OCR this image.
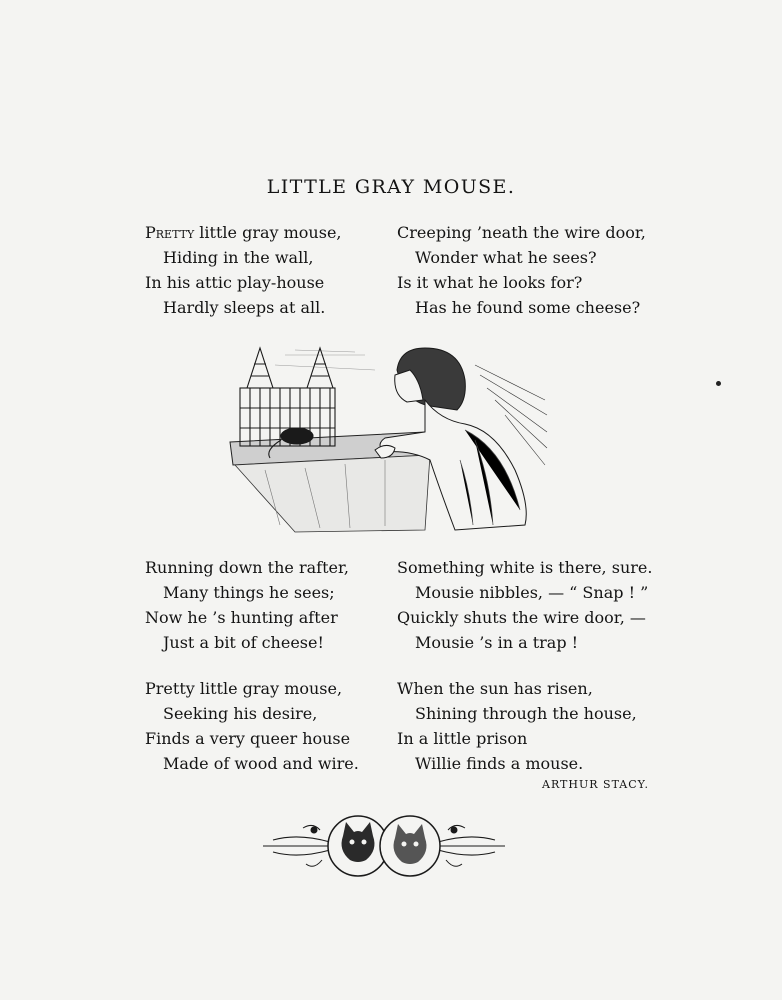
LITTLE GRAY MOUSE.
Pretty little gray mouse,
Hiding in the wall,
In his attic play-house
Hardly sleeps at all.
Creeping ’neath the wire door,
Wonder what he sees?
Is it what he looks for?
Has he found some cheese?
Running down the rafter,
Many things he sees;
Now he ’s hunting after
Just a bit of cheese!
Something white is there, sure.
Mousie nibbles, — “ Snap ! ”
Quickly shuts the wire door, —
Mousie ’s in a trap !
Pretty little gray mouse,
Seeking his desire,
Finds a very queer house
Made of wood and wire.
When the sun has risen,
Shining through the house,
In a little prison
Willie finds a mouse.
ARTHUR STACY.
